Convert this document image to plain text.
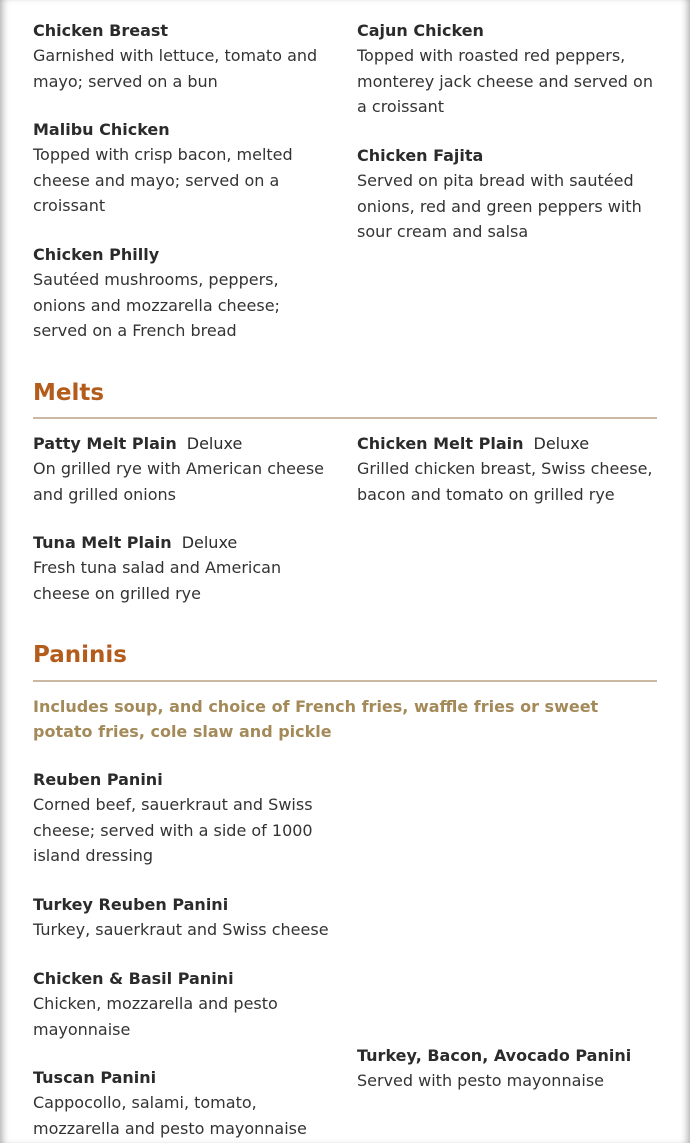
Chicken Breast
Garnished with lettuce, tomato and mayo; served on a bun
Cajun Chicken
Topped with roasted red peppers, monterey jack cheese and served on a croissant
Malibu Chicken
Topped with crisp bacon, melted cheese and mayo; served on a croissant
Chicken Fajita
Served on pita bread with sautéed onions, red and green peppers with sour cream and salsa
Chicken Philly
Sautéed mushrooms, peppers, onions and mozzarella cheese; served on a French bread
Melts
Patty Melt Plain Deluxe
On grilled rye with American cheese and grilled onions
Chicken Melt Plain Deluxe
Grilled chicken breast, Swiss cheese, bacon and tomato on grilled rye
Tuna Melt Plain Deluxe
Fresh tuna salad and American cheese on grilled rye
Paninis
Includes soup, and choice of French fries, waffle fries or sweet potato fries, cole slaw and pickle
Reuben Panini
Corned beef, sauerkraut and Swiss cheese; served with a side of 1000 island dressing
Turkey Reuben Panini
Turkey, sauerkraut and Swiss cheese
Chicken & Basil Panini
Chicken, mozzarella and pesto mayonnaise
Turkey, Bacon, Avocado Panini
Served with pesto mayonnaise
Tuscan Panini
Cappocollo, salami, tomato, mozzarella and pesto mayonnaise
